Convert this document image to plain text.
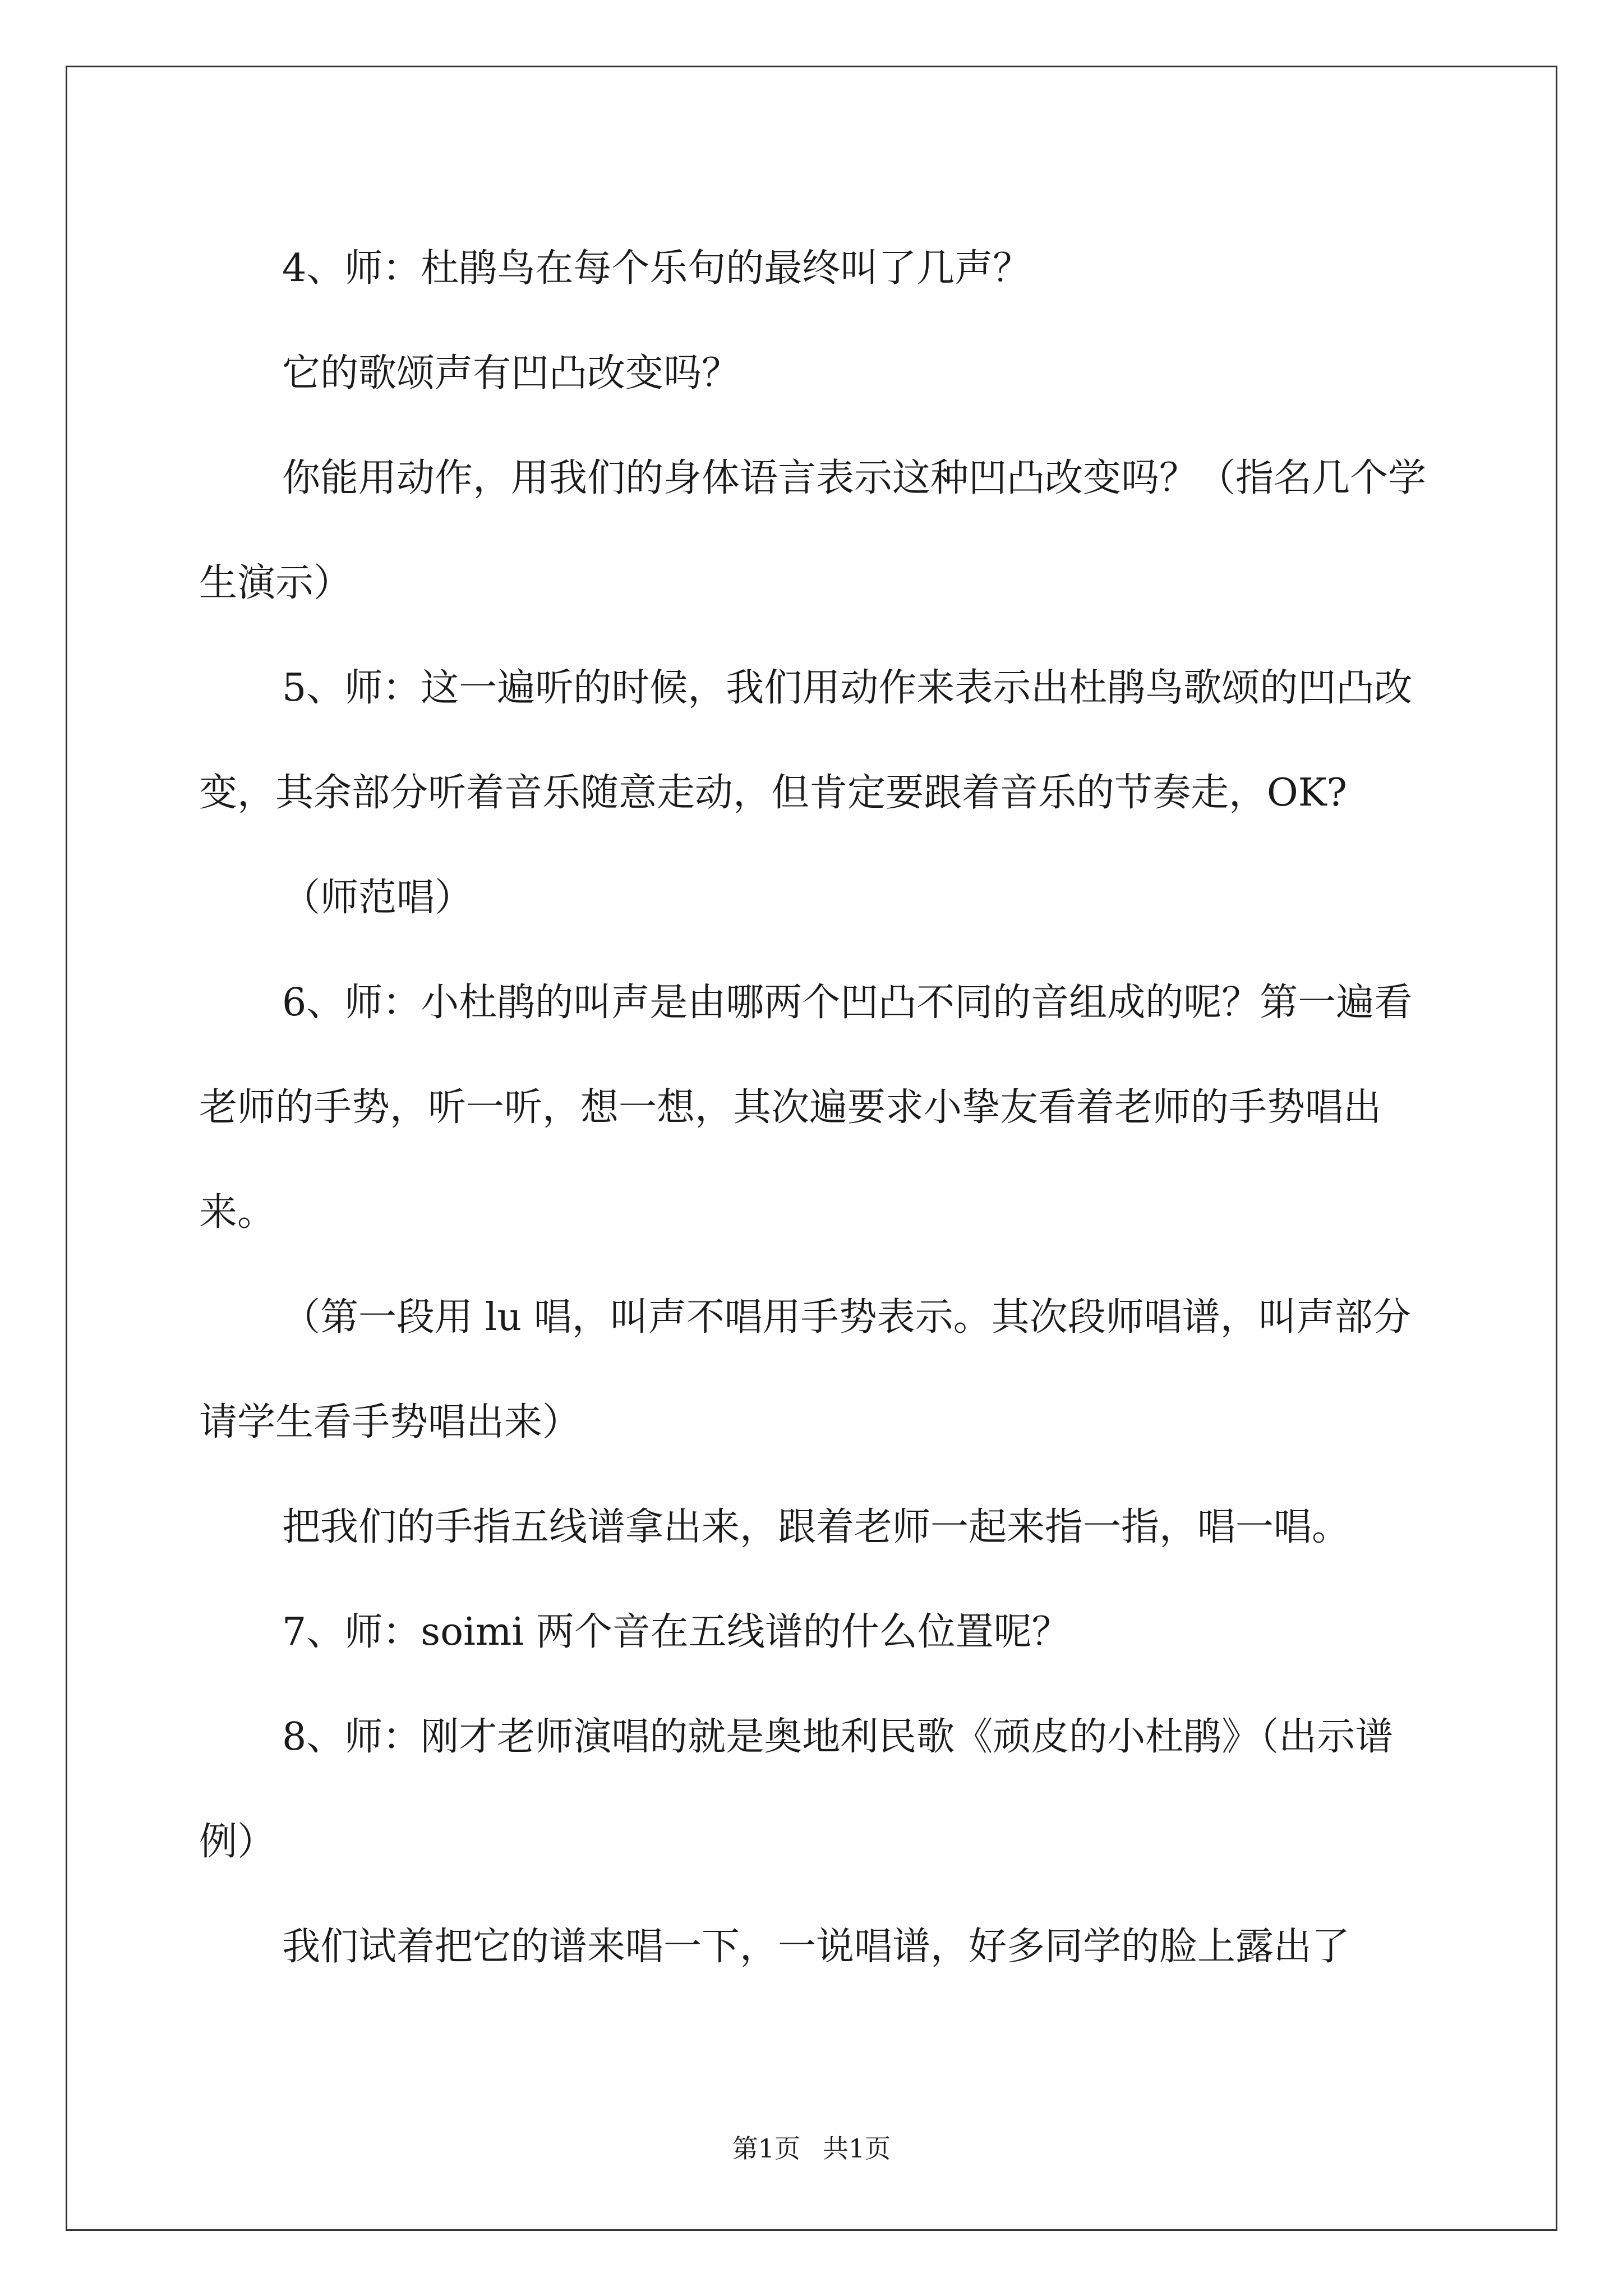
4、师：杜鹃鸟在每个乐句的最终叫了几声？

它的歌颂声有凹凸改变吗？

你能用动作，用我们的身体语言表示这种凹凸改变吗？（指名几个学生演示）

5、师：这一遍听的时候，我们用动作来表示出杜鹃鸟歌颂的凹凸改变，其余部分听着音乐随意走动，但肯定要跟着音乐的节奏走，OK?

（师范唱）

6、师：小杜鹃的叫声是由哪两个凹凸不同的音组成的呢？第一遍看老师的手势，听一听，想一想，其次遍要求小挚友看着老师的手势唱出来。

（第一段用 lu 唱，叫声不唱用手势表示。其次段师唱谱，叫声部分请学生看手势唱出来）

把我们的手指五线谱拿出来，跟着老师一起来指一指，唱一唱。

7、师：soimi 两个音在五线谱的什么位置呢？

8、师：刚才老师演唱的就是奥地利民歌《顽皮的小杜鹃》（出示谱例）

我们试着把它的谱来唱一下，一说唱谱，好多同学的脸上露出了

第1页 共1页
